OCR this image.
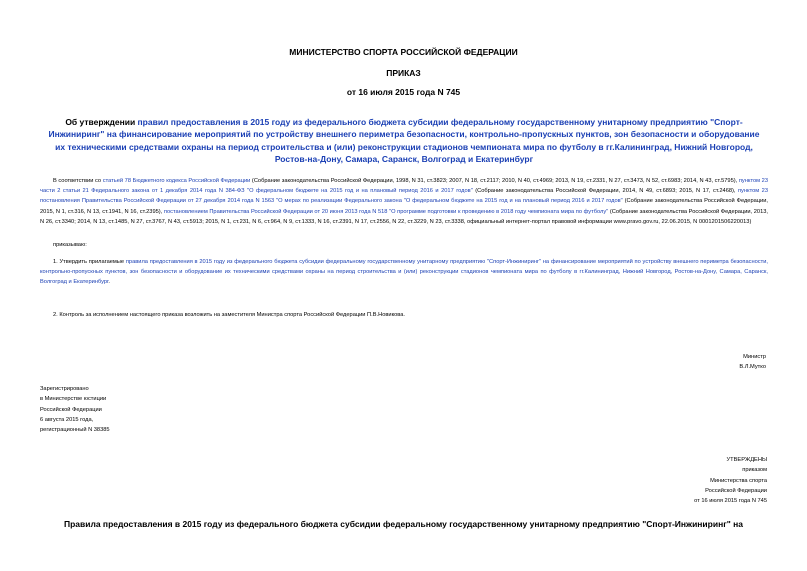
МИНИСТЕРСТВО СПОРТА РОССИЙСКОЙ ФЕДЕРАЦИИ
ПРИКАЗ
от 16 июля 2015 года N 745
Об утверждении правил предоставления в 2015 году из федерального бюджета субсидии федеральному государственному унитарному предприятию "Спорт-Инжиниринг" на финансирование мероприятий по устройству внешнего периметра безопасности, контрольно-пропускных пунктов, зон безопасности и оборудование их техническими средствами охраны на период строительства и (или) реконструкции стадионов чемпионата мира по футболу в гг.Калининград, Нижний Новгород, Ростов-на-Дону, Самара, Саранск, Волгоград и Екатеринбург
В соответствии со статьей 78 Бюджетного кодекса Российской Федерации (Собрание законодательства Российской Федерации, 1998, N 31, ст.3823; 2007, N 18, ст.2117; 2010, N 40, ст.4969; 2013, N 19, ст.2331, N 27, ст.3473, N 52, ст.6983; 2014, N 43, ст.5795), пунктом 23 части 2 статьи 21 Федерального закона от 1 декабря 2014 года N 384-ФЗ "О федеральном бюджете на 2015 год и на плановый период 2016 и 2017 годов" (Собрание законодательства Российской Федерации, 2014, N 49, ст.6893; 2015, N 17, ст.2468), пунктом 23 постановления Правительства Российской Федерации от 27 декабря 2014 года N 1563 "О мерах по реализации Федерального закона "О федеральном бюджете на 2015 год и на плановый период 2016 и 2017 годов" (Собрание законодательства Российской Федерации, 2015, N 1, ст.316, N 13, ст.1941, N 16, ст.2395), постановлением Правительства Российской Федерации от 20 июня 2013 года N 518 "О программе подготовки к проведению в 2018 году чемпионата мира по футболу" (Собрание законодательства Российской Федерации, 2013, N 26, ст.3340; 2014, N 13, ст.1485, N 27, ст.3767, N 43, ст.5913; 2015, N 1, ст.231, N 6, ст.964, N 9, ст.1333, N 16, ст.2391, N 17, ст.2556, N 22, ст.3229, N 23, ст.3338, официальный интернет-портал правовой информации www.pravo.gov.ru, 22.06.2015, N 0001201506220013)
приказываю:
1. Утвердить прилагаемые правила предоставления в 2015 году из федерального бюджета субсидии федеральному государственному унитарному предприятию "Спорт-Инжиниринг" на финансирование мероприятий по устройству внешнего периметра безопасности, контрольно-пропускных пунктов, зон безопасности и оборудование их техническими средствами охраны на период строительства и (или) реконструкции стадионов чемпионата мира по футболу в гг.Калининград, Нижний Новгород, Ростов-на-Дону, Самара, Саранск, Волгоград и Екатеринбург.
2. Контроль за исполнением настоящего приказа возложить на заместителя Министра спорта Российской Федерации П.В.Новикова.
Министр
В.Л.Мутко
Зарегистрировано
в Министерстве юстиции
Российской Федерации
6 августа 2015 года,
регистрационный N 38385
УТВЕРЖДЕНЫ
приказом
Министерства спорта
Российской Федерации
от 16 июля 2015 года N 745
Правила предоставления в 2015 году из федерального бюджета субсидии федеральному государственному унитарному предприятию "Спорт-Инжиниринг" на
